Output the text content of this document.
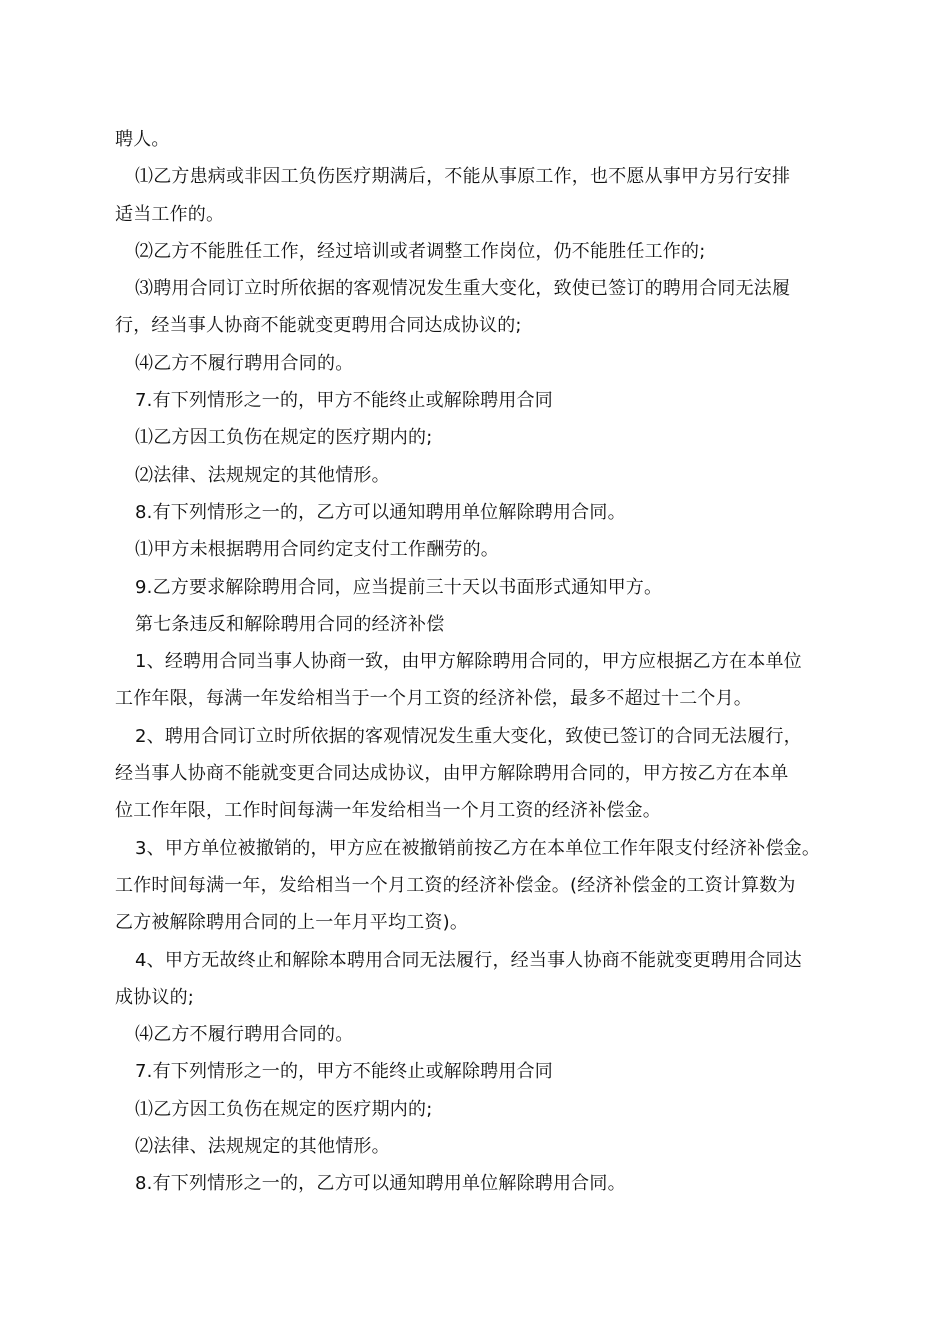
聘人。
⑴乙方患病或非因工负伤医疗期满后，不能从事原工作，也不愿从事甲方另行安排
适当工作的。
⑵乙方不能胜任工作，经过培训或者调整工作岗位，仍不能胜任工作的;
⑶聘用合同订立时所依据的客观情况发生重大变化，致使已签订的聘用合同无法履
行，经当事人协商不能就变更聘用合同达成协议的;
⑷乙方不履行聘用合同的。
7.有下列情形之一的，甲方不能终止或解除聘用合同
⑴乙方因工负伤在规定的医疗期内的;
⑵法律、法规规定的其他情形。
8.有下列情形之一的，乙方可以通知聘用单位解除聘用合同。
⑴甲方未根据聘用合同约定支付工作酬劳的。
9.乙方要求解除聘用合同，应当提前三十天以书面形式通知甲方。
第七条违反和解除聘用合同的经济补偿
1、经聘用合同当事人协商一致，由甲方解除聘用合同的，甲方应根据乙方在本单位
工作年限，每满一年发给相当于一个月工资的经济补偿，最多不超过十二个月。
2、聘用合同订立时所依据的客观情况发生重大变化，致使已签订的合同无法履行，
经当事人协商不能就变更合同达成协议，由甲方解除聘用合同的，甲方按乙方在本单
位工作年限，工作时间每满一年发给相当一个月工资的经济补偿金。
3、甲方单位被撤销的，甲方应在被撤销前按乙方在本单位工作年限支付经济补偿金。
工作时间每满一年，发给相当一个月工资的经济补偿金。(经济补偿金的工资计算数为
乙方被解除聘用合同的上一年月平均工资)。
4、甲方无故终止和解除本聘用合同无法履行，经当事人协商不能就变更聘用合同达
成协议的;
⑷乙方不履行聘用合同的。
7.有下列情形之一的，甲方不能终止或解除聘用合同
⑴乙方因工负伤在规定的医疗期内的;
⑵法律、法规规定的其他情形。
8.有下列情形之一的，乙方可以通知聘用单位解除聘用合同。
